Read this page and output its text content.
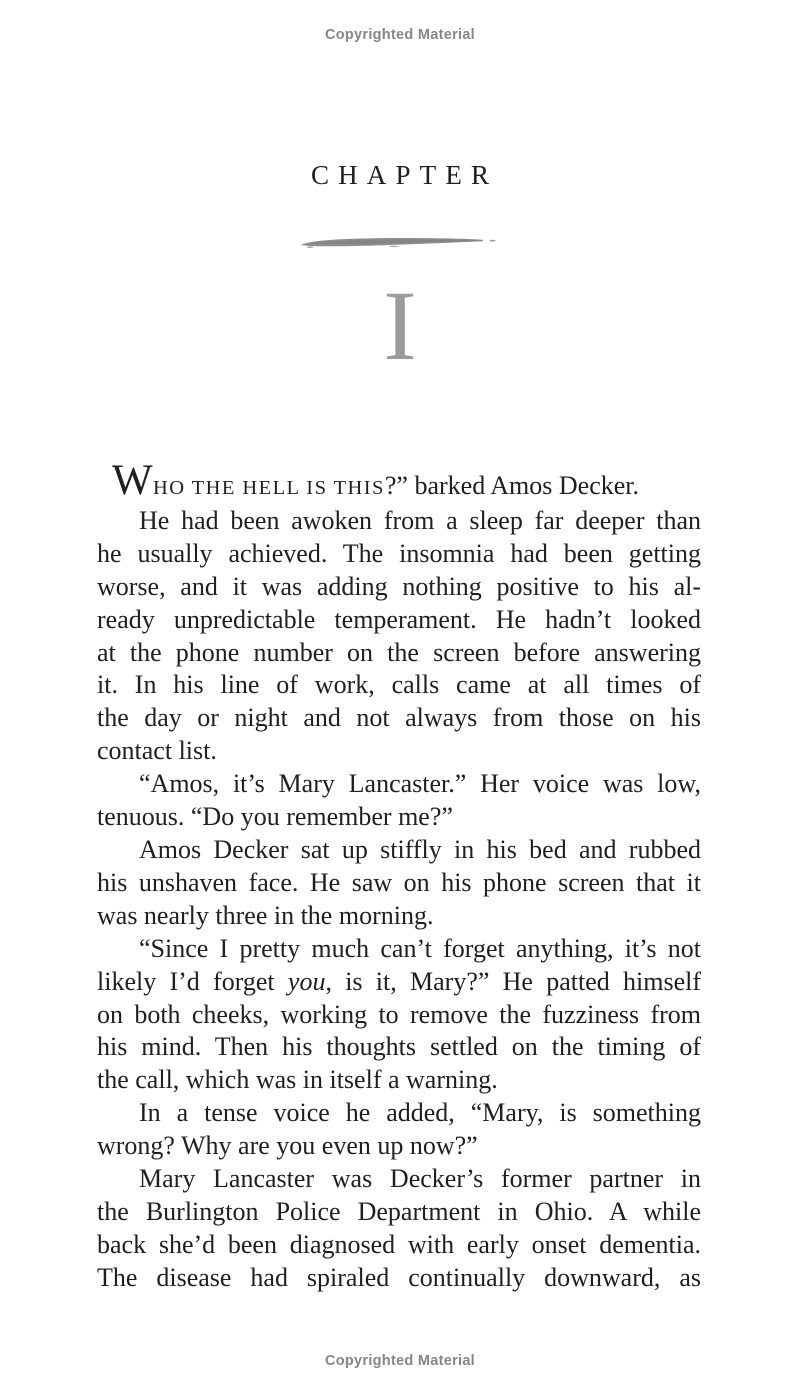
Copyrighted Material
CHAPTER
I
WHO THE HELL IS THIS?” barked Amos Decker.
He had been awoken from a sleep far deeper than
he usually achieved. The insomnia had been getting
worse, and it was adding nothing positive to his al-
ready unpredictable temperament. He hadn’t looked
at the phone number on the screen before answering
it. In his line of work, calls came at all times of
the day or night and not always from those on his
contact list.
“Amos, it’s Mary Lancaster.” Her voice was low,
tenuous. “Do you remember me?”
Amos Decker sat up stiffly in his bed and rubbed
his unshaven face. He saw on his phone screen that it
was nearly three in the morning.
“Since I pretty much can’t forget anything, it’s not
likely I’d forget you, is it, Mary?” He patted himself
on both cheeks, working to remove the fuzziness from
his mind. Then his thoughts settled on the timing of
the call, which was in itself a warning.
In a tense voice he added, “Mary, is something
wrong? Why are you even up now?”
Mary Lancaster was Decker’s former partner in
the Burlington Police Department in Ohio. A while
back she’d been diagnosed with early onset dementia.
The disease had spiraled continually downward, as
Copyrighted Material
